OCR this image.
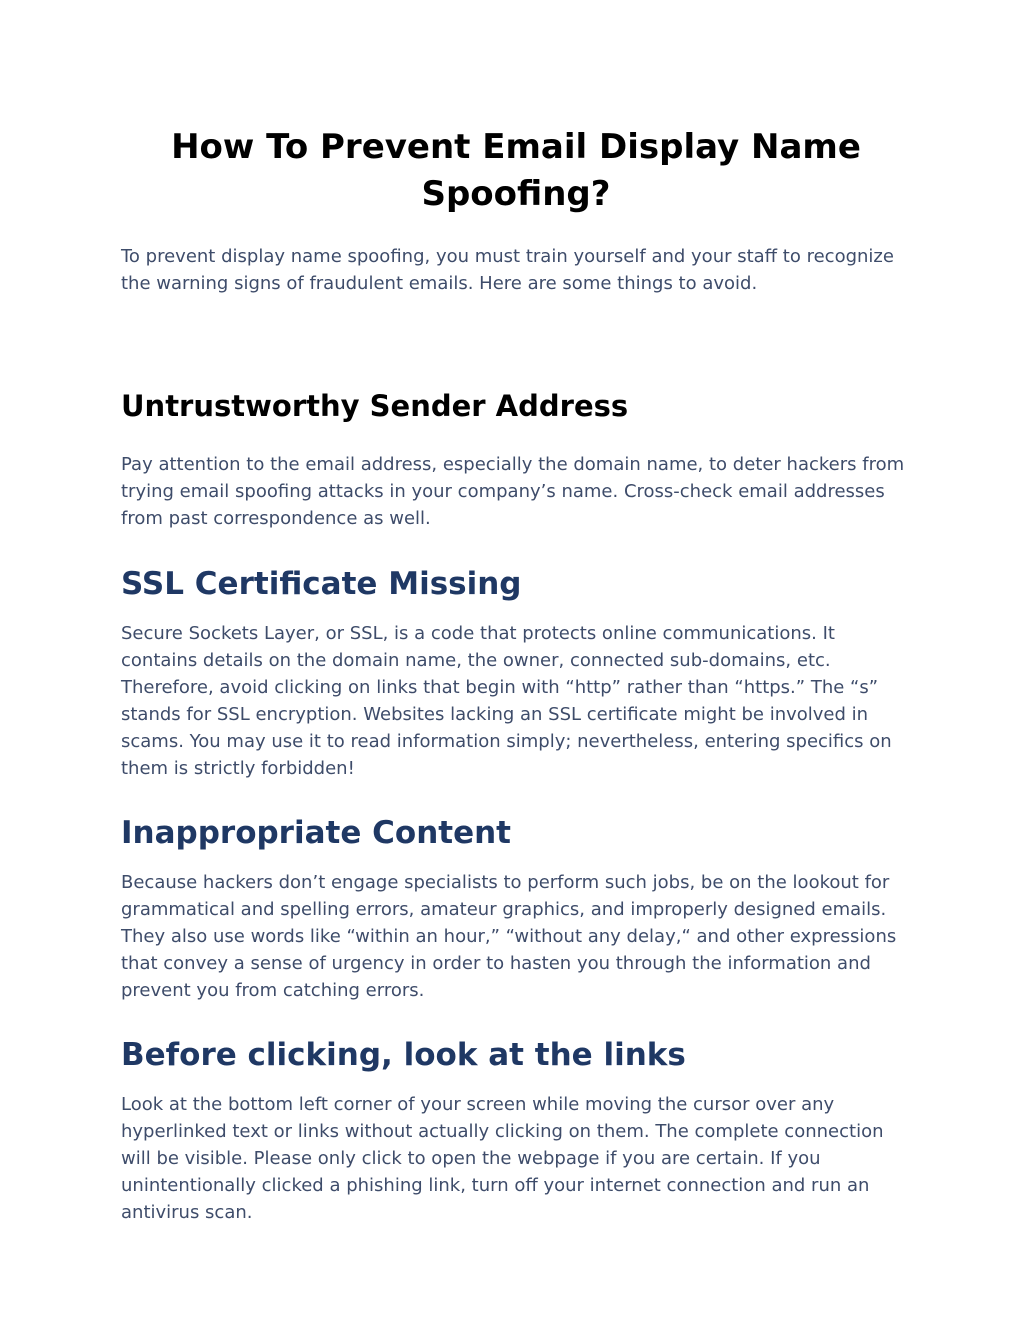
How To Prevent Email Display Name
Spoofing?

To prevent display name spoofing, you must train yourself and your staff to recognize the warning signs of fraudulent emails. Here are some things to avoid.

Untrustworthy Sender Address

Pay attention to the email address, especially the domain name, to deter hackers from trying email spoofing attacks in your company’s name. Cross-check email addresses from past correspondence as well.

SSL Certificate Missing

Secure Sockets Layer, or SSL, is a code that protects online communications. It contains details on the domain name, the owner, connected sub-domains, etc. Therefore, avoid clicking on links that begin with “http” rather than “https.” The “s” stands for SSL encryption. Websites lacking an SSL certificate might be involved in scams. You may use it to read information simply; nevertheless, entering specifics on them is strictly forbidden!

Inappropriate Content

Because hackers don’t engage specialists to perform such jobs, be on the lookout for grammatical and spelling errors, amateur graphics, and improperly designed emails. They also use words like “within an hour,” “without any delay,“ and other expressions that convey a sense of urgency in order to hasten you through the information and prevent you from catching errors.

Before clicking, look at the links

Look at the bottom left corner of your screen while moving the cursor over any hyperlinked text or links without actually clicking on them. The complete connection will be visible. Please only click to open the webpage if you are certain. If you unintentionally clicked a phishing link, turn off your internet connection and run an antivirus scan.
